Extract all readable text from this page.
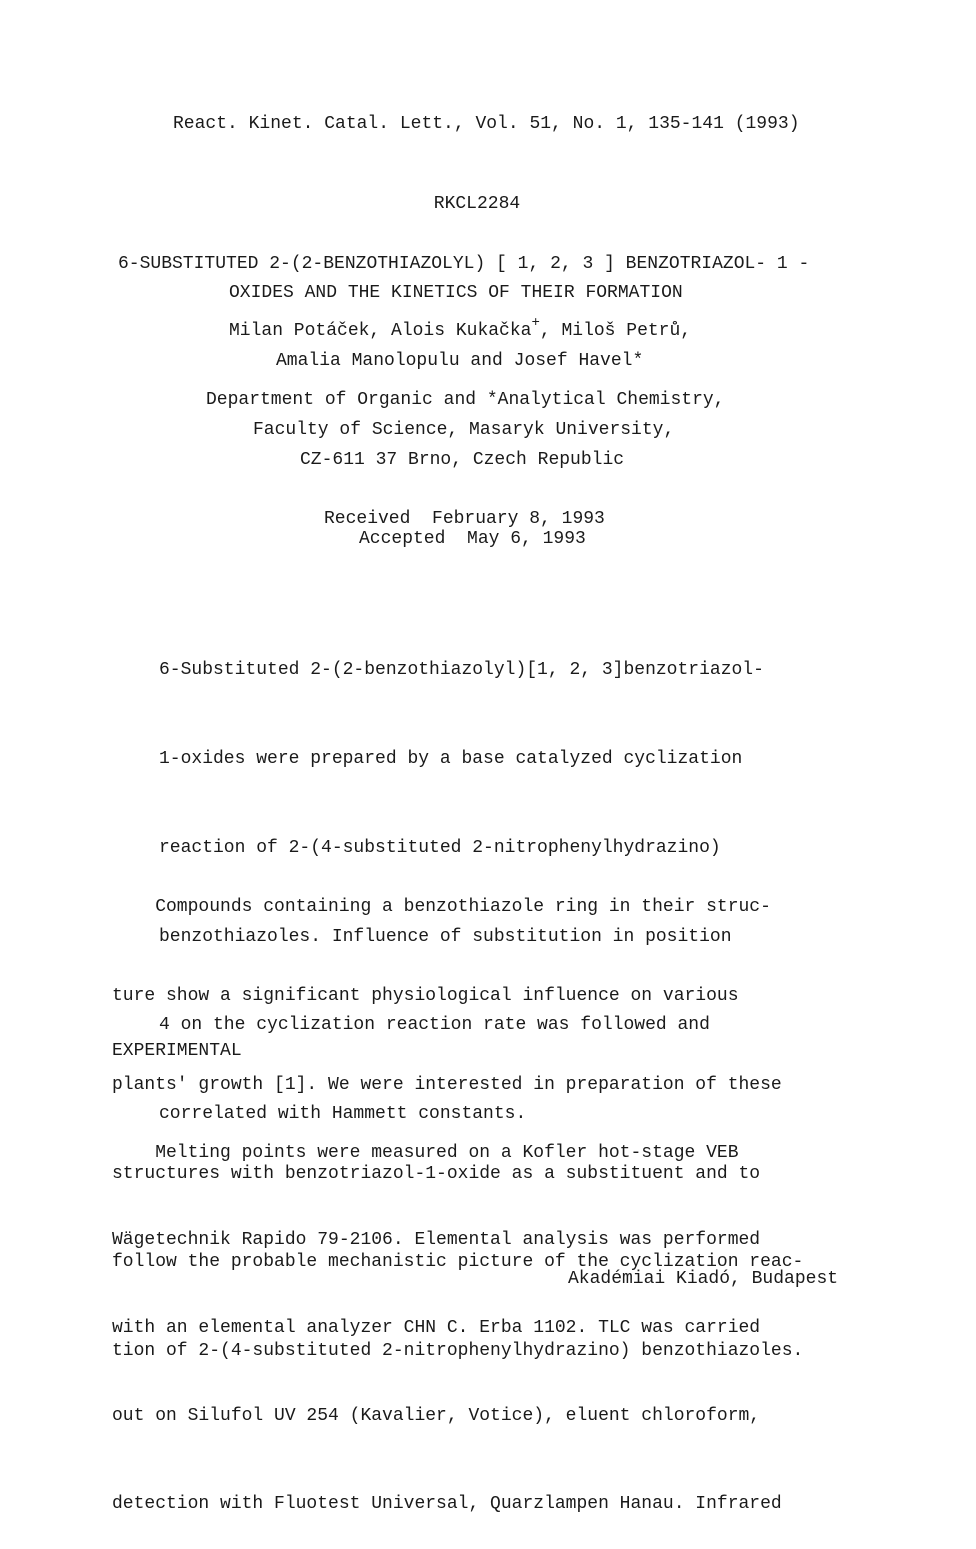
React. Kinet. Catal. Lett., Vol. 51, No. 1, 135-141 (1993)
RKCL2284
6-SUBSTITUTED 2-(2-BENZOTHIAZOLYL) [ 1, 2, 3 ] BENZOTRIAZOL- 1 -
OXIDES AND THE KINETICS OF THEIR FORMATION
Milan Potáček, Alois Kukačka+, Miloš Petrů,
Amalia Manolopulu and Josef Havel*
Department of Organic and *Analytical Chemistry,
Faculty of Science, Masaryk University,
CZ-611 37 Brno, Czech Republic
Received  February 8, 1993
Accepted  May 6, 1993

6-Substituted 2-(2-benzothiazolyl)[1, 2, 3]benzotriazol-

1-oxides were prepared by a base catalyzed cyclization

reaction of 2-(4-substituted 2-nitrophenylhydrazino)

benzothiazoles. Influence of substitution in position

4 on the cyclization reaction rate was followed and

correlated with Hammett constants.

Compounds containing a benzothiazole ring in their struc-

ture show a significant physiological influence on various

plants' growth [1]. We were interested in preparation of these

structures with benzotriazol-1-oxide as a substituent and to

follow the probable mechanistic picture of the cyclization reac-

tion of 2-(4-substituted 2-nitrophenylhydrazino) benzothiazoles.

EXPERIMENTAL

Melting points were measured on a Kofler hot-stage VEB

Wägetechnik Rapido 79-2106. Elemental analysis was performed

with an elemental analyzer CHN C. Erba 1102. TLC was carried

out on Silufol UV 254 (Kavalier, Votice), eluent chloroform,

detection with Fluotest Universal, Quarzlampen Hanau. Infrared

Akadémiai Kiadó, Budapest
